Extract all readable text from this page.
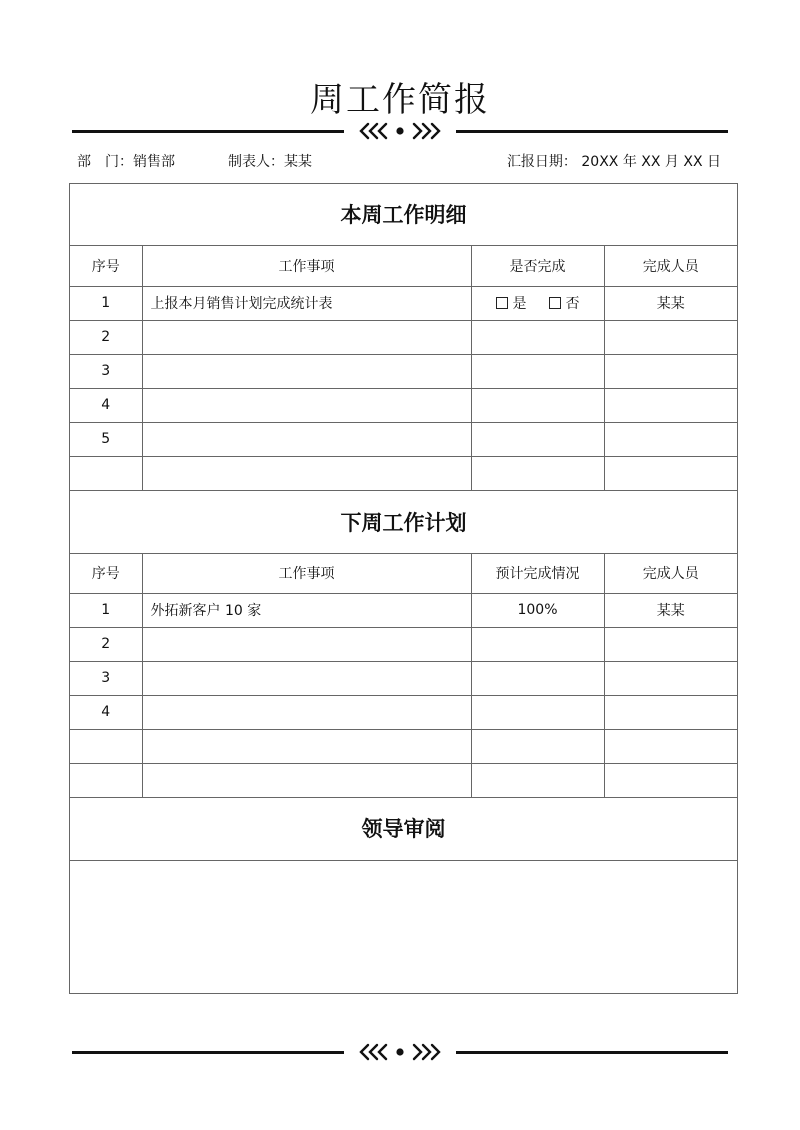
周工作简报
部　门：销售部	制表人：某某	汇报日期： 20XX 年 XX 月 XX 日
本周工作明细
序号	工作事项	是否完成	完成人员
1	上报本月销售计划完成统计表	是 否	某某
2			
3			
4			
5			

下周工作计划
序号	工作事项	预计完成情况	完成人员
1	外拓新客户 10 家	100%	某某
2			
3			
4			

领导审阅
